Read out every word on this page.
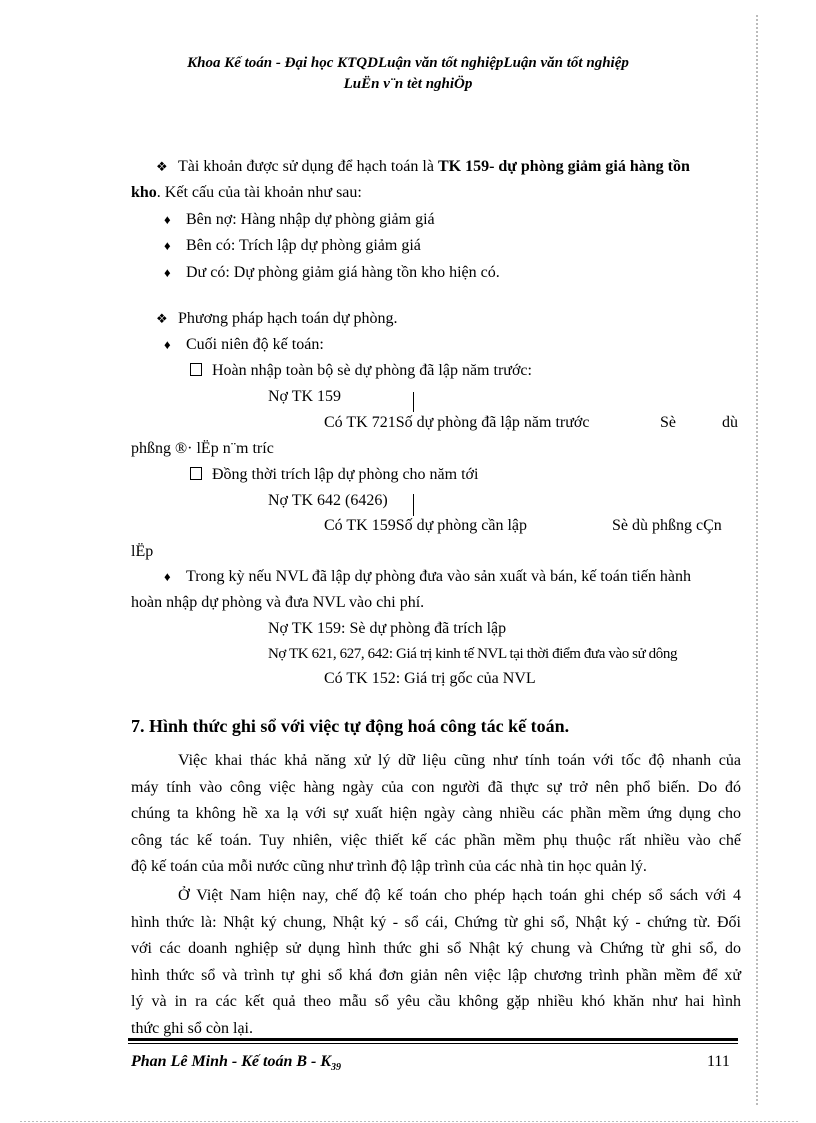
Khoa Kế toán - Đại học KTQDLuận văn tốt nghiệpLuận văn tốt nghiệp
LuËn v¨n tèt nghiÖp
❖ Tài khoản được sử dụng để hạch toán là TK 159- dự phòng giảm giá hàng tồn
kho. Kết cấu của tài khoản như sau:
♦ Bên nợ: Hàng nhập dự phòng giảm giá
♦ Bên có: Trích lập dự phòng giảm giá
♦ Dư có: Dự phòng giảm giá hàng tồn kho hiện có.
❖ Phương pháp hạch toán dự phòng.
♦ Cuối niên độ kế toán:
Hoàn nhập toàn bộ sè dự phòng đã lập năm trước:
Nợ TK 159
Có TK 721Số dự phòng đã lập năm trước	Sè	dù
phßng ®· lËp n¨m tríc
Đồng thời trích lập dự phòng cho năm tới
Nợ TK 642 (6426)
Có TK 159Số dự phòng cần lập	Sè dù phßng cÇn
lËp
♦ Trong kỳ nếu NVL đã lập dự phòng đưa vào sản xuất và bán, kế toán tiến hành
hoàn nhập dự phòng và đưa NVL vào chi phí.
Nợ TK 159: Sè dự phòng đã trích lập
Nợ TK 621, 627, 642: Giá trị kinh tế NVL tại thời điểm đưa vào sử dông
Có TK 152: Giá trị gốc của NVL
7. Hình thức ghi sổ với việc tự động hoá công tác kế toán.
Việc khai thác khả năng xử lý dữ liệu cũng như tính toán với tốc độ nhanh của
máy tính vào công việc hàng ngày của con người đã thực sự trở nên phổ biến. Do đó
chúng ta không hề xa lạ với sự xuất hiện ngày càng nhiều các phần mềm ứng dụng cho
công tác kế toán. Tuy nhiên, việc thiết kế các phần mềm phụ thuộc rất nhiều vào chế
độ kế toán của mỗi nước cũng như trình độ lập trình của các nhà tin học quản lý.
Ở Việt Nam hiện nay, chế độ kế toán cho phép hạch toán ghi chép sổ sách với 4
hình thức là: Nhật ký chung, Nhật ký - sổ cái, Chứng từ ghi sổ, Nhật ký - chứng từ. Đối
với các doanh nghiệp sử dụng hình thức ghi sổ Nhật ký chung và Chứng từ ghi sổ, do
hình thức sổ và trình tự ghi sổ khá đơn giản nên việc lập chương trình phần mềm để xử
lý và in ra các kết quả theo mẫu sổ yêu cầu không gặp nhiều khó khăn như hai hình
thức ghi sổ còn lại.
Phan Lê Minh - Kế toán B - $K_{39}$	111
